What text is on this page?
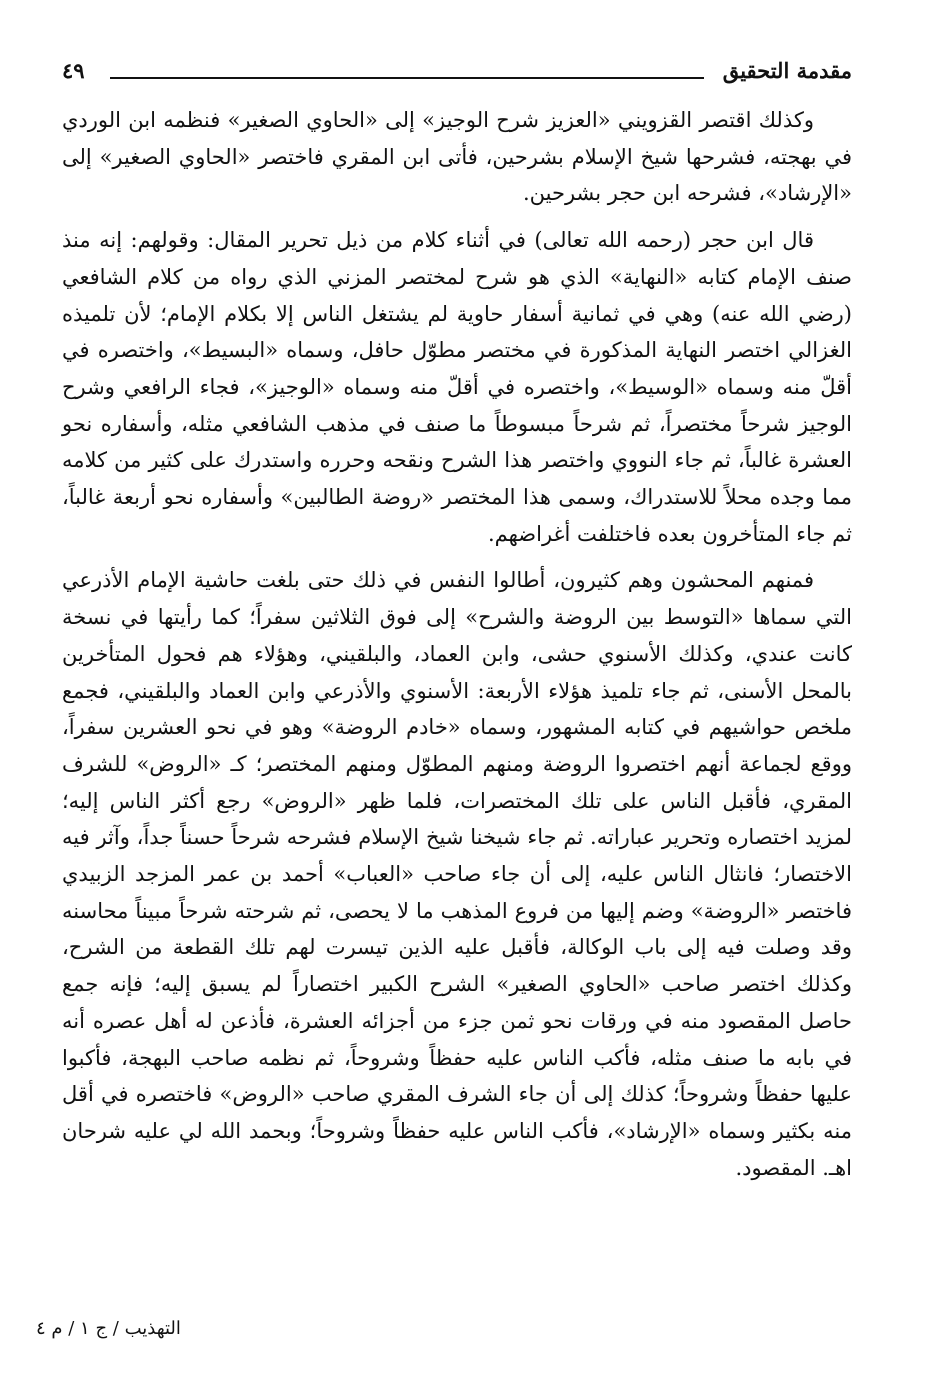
مقدمة التحقيق
٤٩

وكذلك اقتصر القزويني «العزيز شرح الوجيز» إلى «الحاوي الصغير» فنظمه ابن الوردي في بهجته، فشرحها شيخ الإسلام بشرحين، فأتى ابن المقري فاختصر «الحاوي الصغير» إلى «الإرشاد»، فشرحه ابن حجر بشرحين.

قال ابن حجر (رحمه الله تعالى) في أثناء كلام من ذيل تحرير المقال: وقولهم: إنه منذ صنف الإمام كتابه «النهاية» الذي هو شرح لمختصر المزني الذي رواه من كلام الشافعي (رضي الله عنه) وهي في ثمانية أسفار حاوية لم يشتغل الناس إلا بكلام الإمام؛ لأن تلميذه الغزالي اختصر النهاية المذكورة في مختصر مطوّل حافل، وسماه «البسيط»، واختصره في أقلّ منه وسماه «الوسيط»، واختصره في أقلّ منه وسماه «الوجيز»، فجاء الرافعي وشرح الوجيز شرحاً مختصراً، ثم شرحاً مبسوطاً ما صنف في مذهب الشافعي مثله، وأسفاره نحو العشرة غالباً، ثم جاء النووي واختصر هذا الشرح ونقحه وحرره واستدرك على كثير من كلامه مما وجده محلاً للاستدراك، وسمى هذا المختصر «روضة الطالبين» وأسفاره نحو أربعة غالباً، ثم جاء المتأخرون بعده فاختلفت أغراضهم.

فمنهم المحشون وهم كثيرون، أطالوا النفس في ذلك حتى بلغت حاشية الإمام الأذرعي التي سماها «التوسط بين الروضة والشرح» إلى فوق الثلاثين سفراً؛ كما رأيتها في نسخة كانت عندي، وكذلك الأسنوي حشى، وابن العماد، والبلقيني، وهؤلاء هم فحول المتأخرين بالمحل الأسنى، ثم جاء تلميذ هؤلاء الأربعة: الأسنوي والأذرعي وابن العماد والبلقيني، فجمع ملخص حواشيهم في كتابه المشهور، وسماه «خادم الروضة» وهو في نحو العشرين سفراً، ووقع لجماعة أنهم اختصروا الروضة ومنهم المطوّل ومنهم المختصر؛ كـ «الروض» للشرف المقري، فأقبل الناس على تلك المختصرات، فلما ظهر «الروض» رجع أكثر الناس إليه؛ لمزيد اختصاره وتحرير عباراته. ثم جاء شيخنا شيخ الإسلام فشرحه شرحاً حسناً جداً، وآثر فيه الاختصار؛ فانثال الناس عليه، إلى أن جاء صاحب «العباب» أحمد بن عمر المزجد الزبيدي فاختصر «الروضة» وضم إليها من فروع المذهب ما لا يحصى، ثم شرحته شرحاً مبيناً محاسنه وقد وصلت فيه إلى باب الوكالة، فأقبل عليه الذين تيسرت لهم تلك القطعة من الشرح، وكذلك اختصر صاحب «الحاوي الصغير» الشرح الكبير اختصاراً لم يسبق إليه؛ فإنه جمع حاصل المقصود منه في ورقات نحو ثمن جزء من أجزائه العشرة، فأذعن له أهل عصره أنه في بابه ما صنف مثله، فأكب الناس عليه حفظاً وشروحاً، ثم نظمه صاحب البهجة، فأكبوا عليها حفظاً وشروحاً؛ كذلك إلى أن جاء الشرف المقري صاحب «الروض» فاختصره في أقل منه بكثير وسماه «الإرشاد»، فأكب الناس عليه حفظاً وشروحاً؛ وبحمد الله لي عليه شرحان اهـ. المقصود.

التهذيب / ج ١ / م ٤
